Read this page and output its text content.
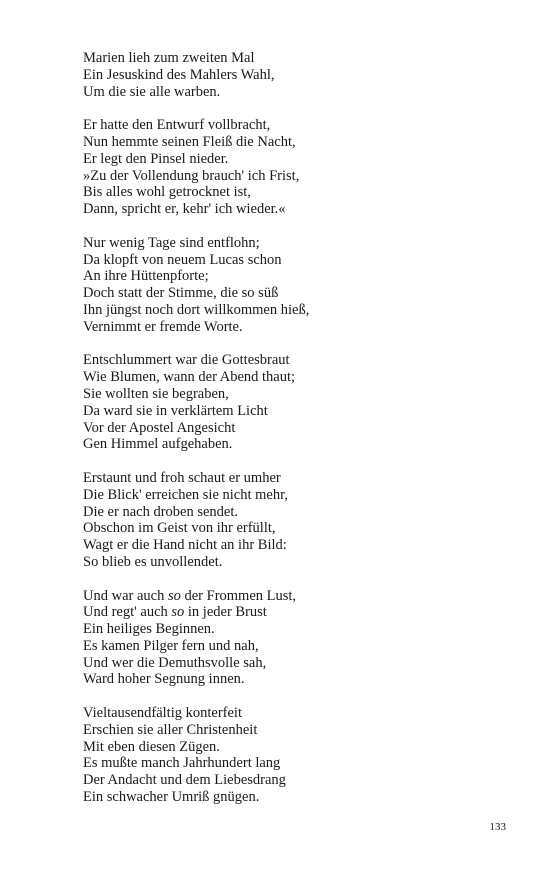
Marien lieh zum zweiten Mal
Ein Jesuskind des Mahlers Wahl,
Um die sie alle warben.
Er hatte den Entwurf vollbracht,
Nun hemmte seinen Fleiß die Nacht,
Er legt den Pinsel nieder.
»Zu der Vollendung brauch' ich Frist,
Bis alles wohl getrocknet ist,
Dann, spricht er, kehr' ich wieder.«
Nur wenig Tage sind entflohn;
Da klopft von neuem Lucas schon
An ihre Hüttenpforte;
Doch statt der Stimme, die so süß
Ihn jüngst noch dort willkommen hieß,
Vernimmt er fremde Worte.
Entschlummert war die Gottesbraut
Wie Blumen, wann der Abend thaut;
Sie wollten sie begraben,
Da ward sie in verklärtem Licht
Vor der Apostel Angesicht
Gen Himmel aufgehaben.
Erstaunt und froh schaut er umher
Die Blick' erreichen sie nicht mehr,
Die er nach droben sendet.
Obschon im Geist von ihr erfüllt,
Wagt er die Hand nicht an ihr Bild:
So blieb es unvollendet.
Und war auch so der Frommen Lust,
Und regt' auch so in jeder Brust
Ein heiliges Beginnen.
Es kamen Pilger fern und nah,
Und wer die Demuthsvolle sah,
Ward hoher Segnung innen.
Vieltausendfältig konterfeit
Erschien sie aller Christenheit
Mit eben diesen Zügen.
Es mußte manch Jahrhundert lang
Der Andacht und dem Liebesdrang
Ein schwacher Umriß gnügen.
133
